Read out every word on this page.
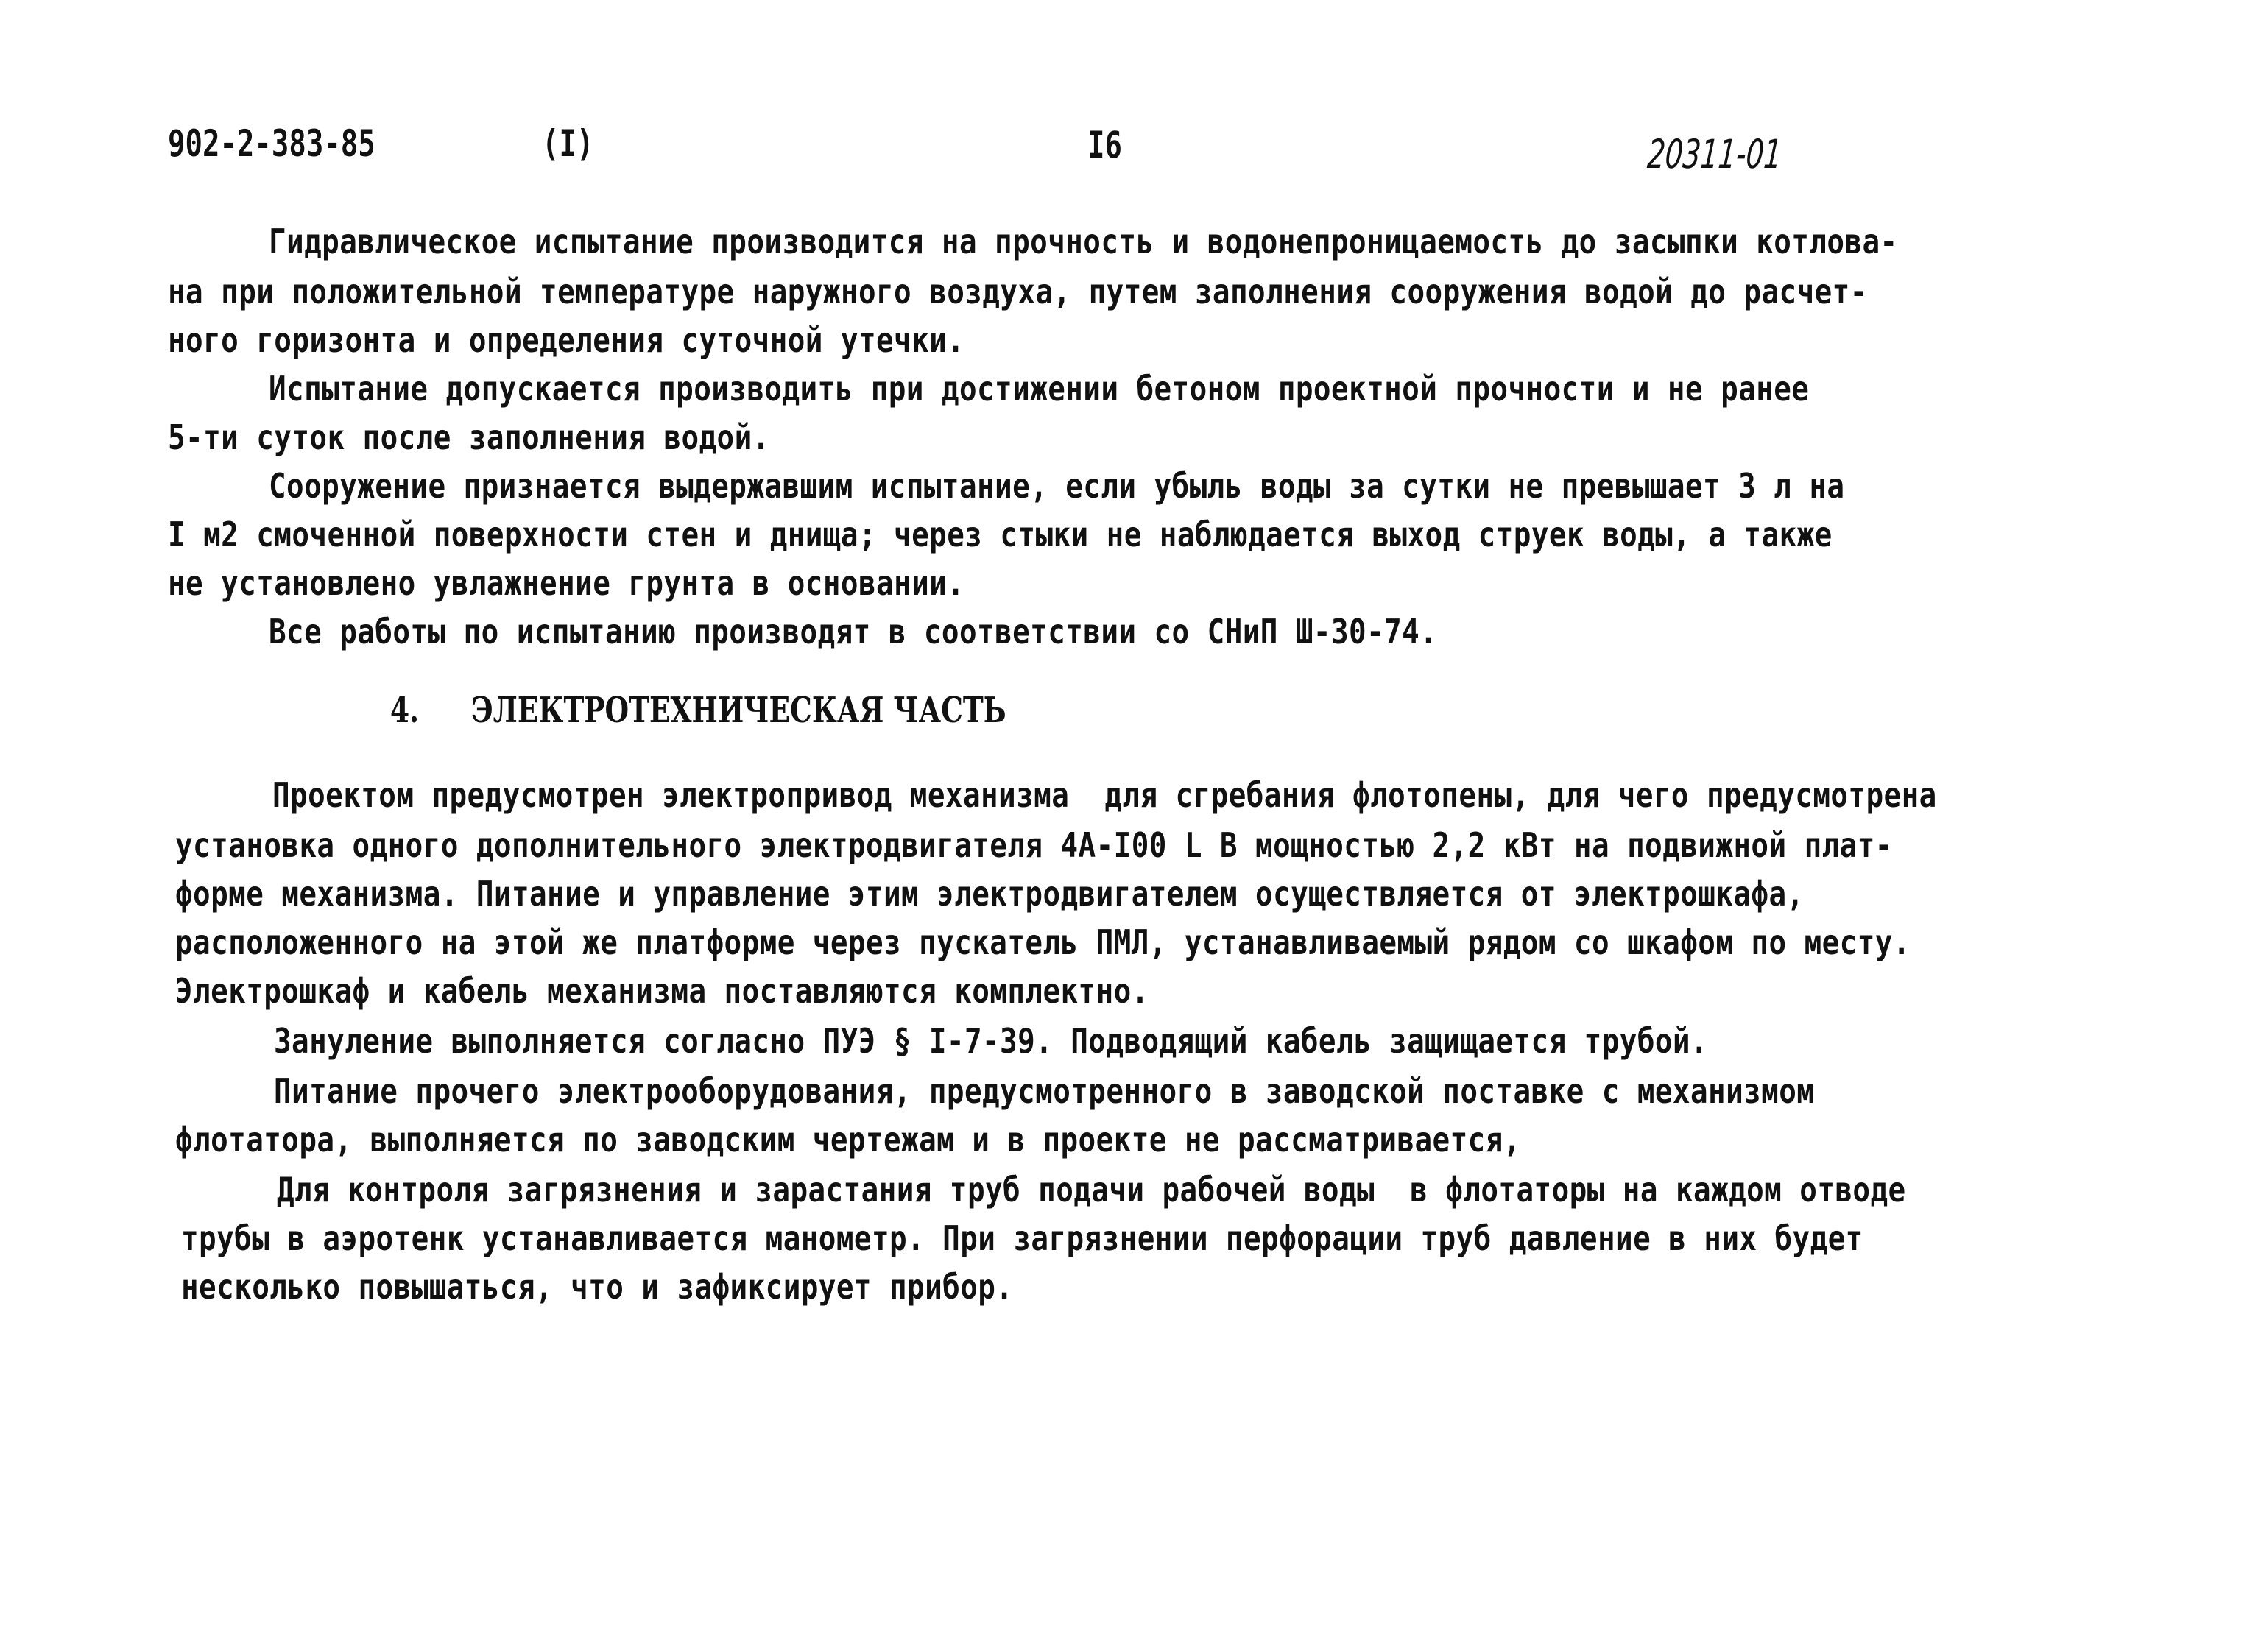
902-2-383-85	(I)	I6	20311-01
Гидравлическое испытание производится на прочность и водонепроницаемость до засыпки котлова-
на при положительной температуре наружного воздуха, путем заполнения сооружения водой до расчет-
ного горизонта и определения суточной утечки.
Испытание допускается производить при достижении бетоном проектной прочности и не ранее
5-ти суток после заполнения водой.
Сооружение признается выдержавшим испытание, если убыль воды за сутки не превышает 3 л на
I м2 смоченной поверхности стен и днища; через стыки не наблюдается выход струек воды, а также
не установлено увлажнение грунта в основании.
Все работы по испытанию производят в соответствии со СНиП Ш-30-74.
4. ЭЛЕКТРОТЕХНИЧЕСКАЯ ЧАСТЬ
Проектом предусмотрен электропривод механизма  для сгребания флотопены, для чего предусмотрена
установка одного дополнительного электродвигателя 4А-I00 L B мощностью 2,2 кВт на подвижной плат-
форме механизма. Питание и управление этим электродвигателем осуществляется от электрошкафа,
расположенного на этой же платформе через пускатель ПМЛ, устанавливаемый рядом со шкафом по месту.
Электрошкаф и кабель механизма поставляются комплектно.
Зануление выполняется согласно ПУЭ § I-7-39. Подводящий кабель защищается трубой.
Питание прочего электрооборудования, предусмотренного в заводской поставке с механизмом
флотатора, выполняется по заводским чертежам и в проекте не рассматривается,
Для контроля загрязнения и зарастания труб подачи рабочей воды  в флотаторы на каждом отводе
трубы в аэротенк устанавливается манометр. При загрязнении перфорации труб давление в них будет
несколько повышаться, что и зафиксирует прибор.
